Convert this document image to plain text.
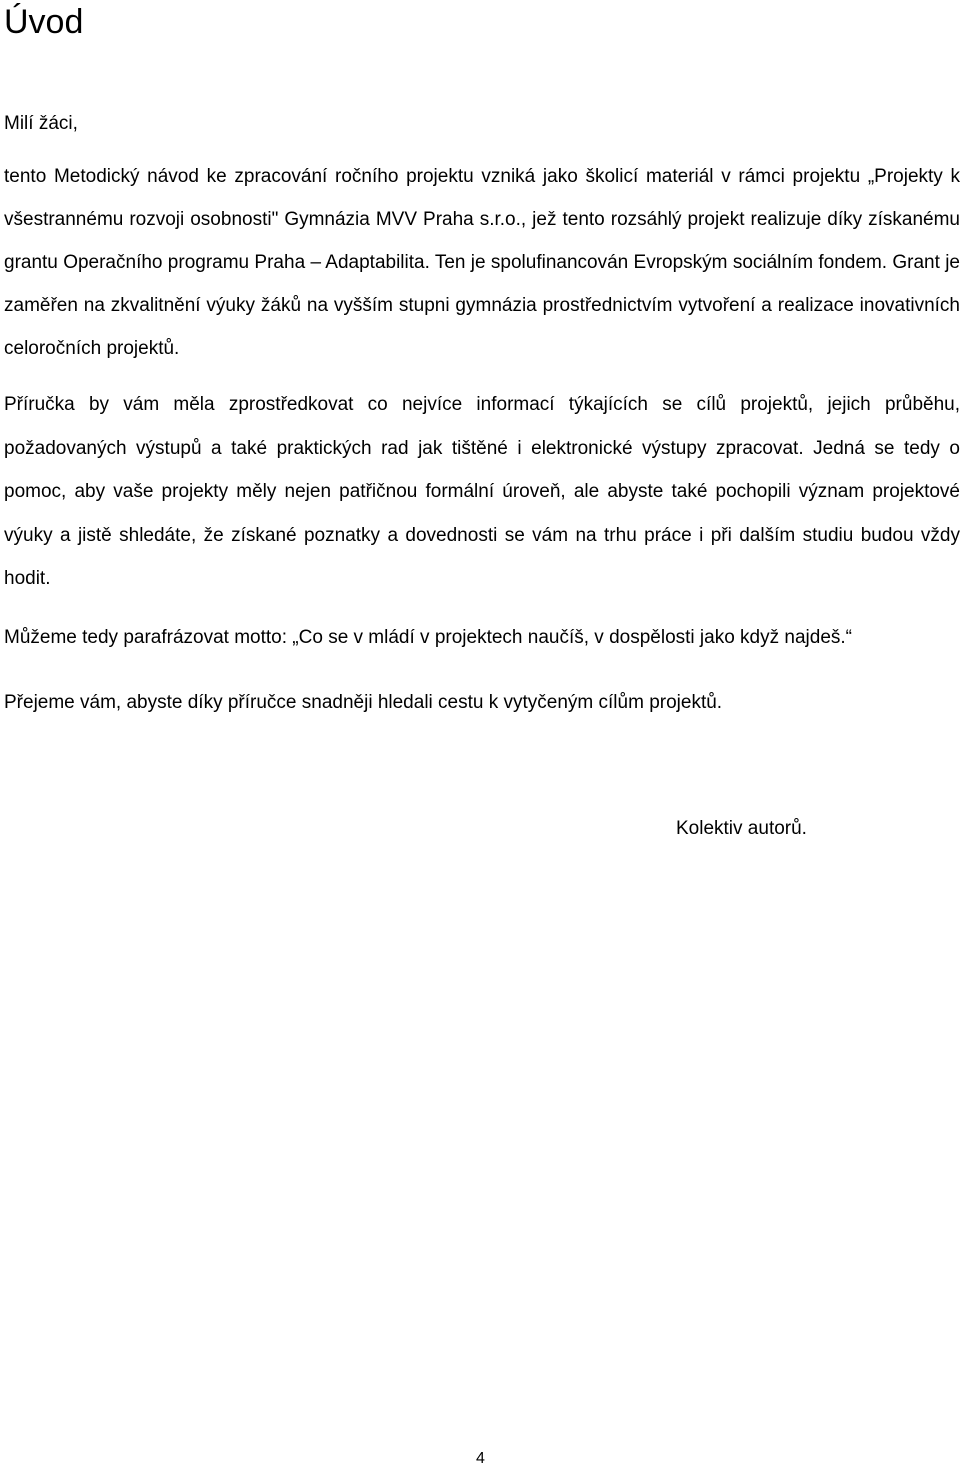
Úvod

Milí žáci,

tento Metodický návod ke zpracování ročního projektu vzniká jako školicí materiál v rámci projektu „Projekty k všestrannému rozvoji osobnosti" Gymnázia MVV Praha s.r.o., jež tento rozsáhlý projekt realizuje díky získanému grantu Operačního programu Praha – Adaptabilita. Ten je spolufinancován Evropským sociálním fondem. Grant je zaměřen na zkvalitnění výuky žáků na vyšším stupni gymnázia prostřednictvím vytvoření a realizace inovativních celoročních projektů.

Příručka by vám měla zprostředkovat co nejvíce informací týkajících se cílů projektů, jejich průběhu, požadovaných výstupů a také praktických rad jak tištěné i elektronické výstupy zpracovat. Jedná se tedy o pomoc, aby vaše projekty měly nejen patřičnou formální úroveň, ale abyste také pochopili význam projektové výuky a jistě shledáte, že získané poznatky a dovednosti se vám na trhu práce i při dalším studiu budou vždy hodit.

Můžeme tedy parafrázovat motto: „Co se v mládí v projektech naučíš, v dospělosti jako když najdeš.“

Přejeme vám, abyste díky příručce snadněji hledali cestu k vytyčeným cílům projektů.

Kolektiv autorů.
4
